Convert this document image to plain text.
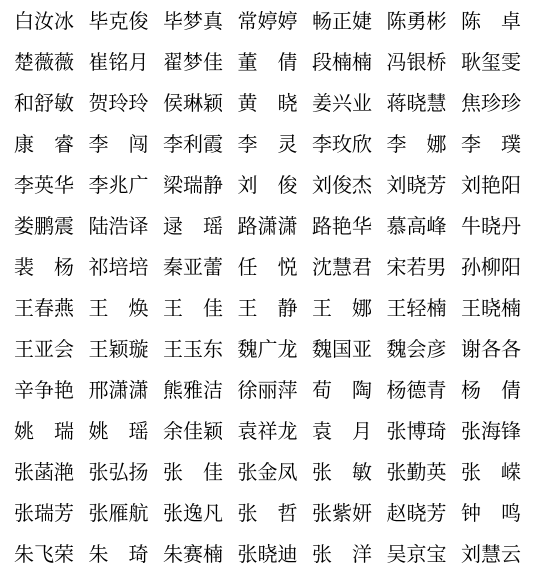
白汝冰 毕克俊 毕梦真 常婷婷 畅正婕 陈勇彬 陈　卓
楚薇薇 崔铭月 翟梦佳 董　倩 段楠楠 冯银桥 耿玺雯
和舒敏 贺玲玲 侯琳颖 黄　晓 姜兴业 蒋晓慧 焦珍珍
康　睿 李　闯 李利霞 李　灵 李玫欣 李　娜 李　璞
李英华 李兆广 梁瑞静 刘　俊 刘俊杰 刘晓芳 刘艳阳
娄鹏震 陆浩译 逯　瑶 路潇潇 路艳华 慕高峰 牛晓丹
裴　杨 祁培培 秦亚蕾 任　悦 沈慧君 宋若男 孙柳阳
王春燕 王　焕 王　佳 王　静 王　娜 王轻楠 王晓楠
王亚会 王颖璇 王玉东 魏广龙 魏国亚 魏会彦 谢各各
辛争艳 邢潇潇 熊雅洁 徐丽萍 荀　陶 杨德青 杨　倩
姚　瑞 姚　瑶 余佳颖 袁祥龙 袁　月 张博琦 张海锋
张菡滟 张弘扬 张　佳 张金凤 张　敏 张勤英 张　嵘
张瑞芳 张雁航 张逸凡 张　哲 张紫妍 赵晓芳 钟　鸣
朱飞荣 朱　琦 朱赛楠 张晓迪 张　洋 吴京宝 刘慧云
